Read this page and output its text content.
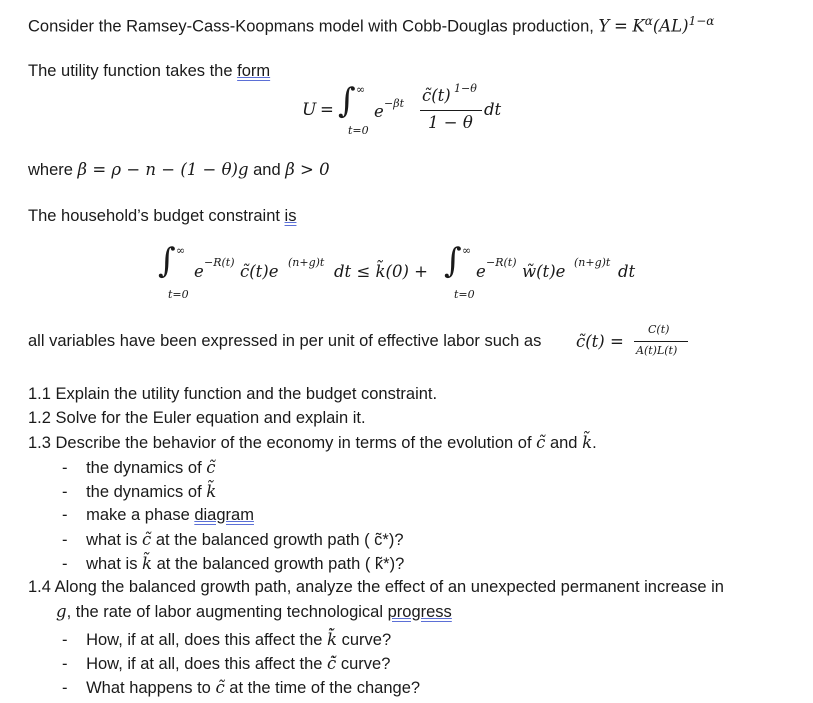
Consider the Ramsey-Cass-Koopmans model with Cobb-Douglas production, $Y = K^\alpha(AL)^{1-\alpha}$
The utility function takes the form
U = ∫ ∞
t=0
e −βt c̃(t) 1−θ
1 − θ
dt
where β = ρ − n − (1 − θ)g and β > 0
The household’s budget constraint is
∫ ∞
t=0
e −R(t) c̃(t)e (n+g)t dt ≤ k̃(0) + ∫ ∞
t=0
e −R(t) w̃(t)e (n+g)t dt
all variables have been expressed in per unit of effective labor such as c̃(t) =
C(t)
A(t)L(t)
1.1 Explain the utility function and the budget constraint.
1.2 Solve for the Euler equation and explain it.
1.3 Describe the behavior of the economy in terms of the evolution of c̃ and k̃.
- the dynamics of c̃
- the dynamics of k̃
- make a phase diagram
- what is c̃ at the balanced growth path ( c̃*)?
- what is k̃ at the balanced growth path ( k̃*)?
1.4 Along the balanced growth path, analyze the effect of an unexpected permanent increase in
g, the rate of labor augmenting technological progress
- How, if at all, does this affect the k̃̇ curve?
- How, if at all, does this affect the c̃̇ curve?
- What happens to c̃ at the time of the change?
